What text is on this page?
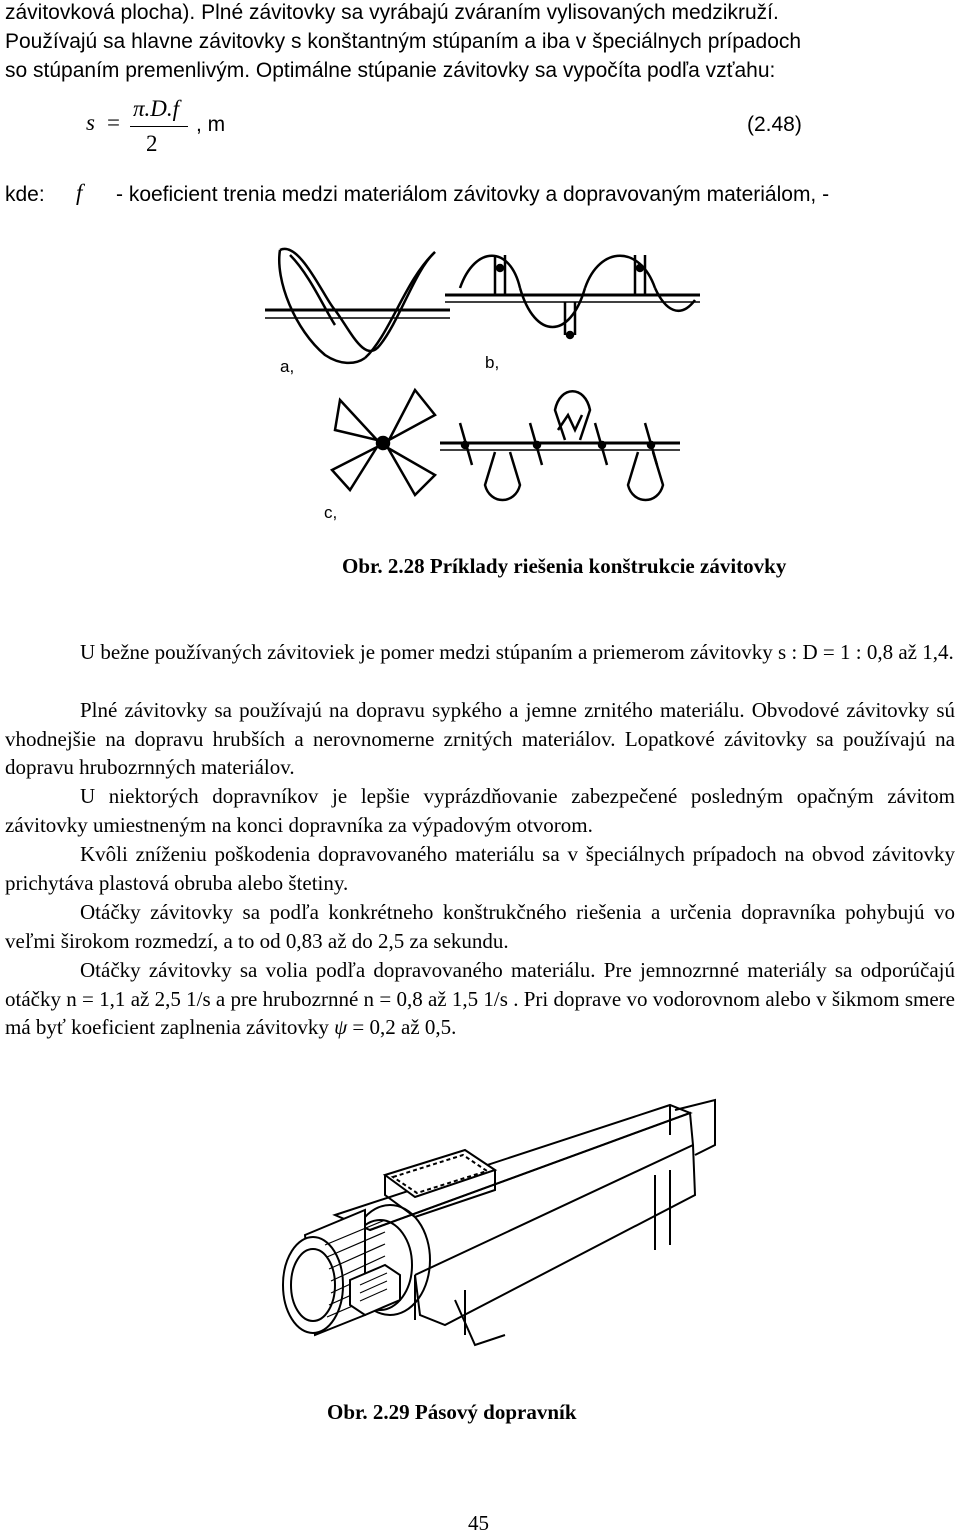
závitovková plocha). Plné závitovky sa vyrábajú zváraním vylisovaných medzikruží.
Používajú sa hlavne závitovky s konštantným stúpaním a iba v špeciálnych prípadoch
so stúpaním premenlivým. Optimálne stúpanie závitovky sa vypočíta podľa vzťahu:
s =
π.D.f
2
, m	(2.48)
kde: f - koeficient trenia medzi materiálom závitovky a dopravovaným materiálom, -
a,	b,
c,
Obr. 2.28 Príklady riešenia konštrukcie závitovky
U bežne používaných závitoviek je pomer medzi stúpaním a priemerom závitovky s : D = 1 : 0,8 až 1,4.
Plné závitovky sa používajú na dopravu sypkého a jemne zrnitého materiálu. Obvodové závitovky sú vhodnejšie na dopravu hrubších a nerovnomerne zrnitých materiálov. Lopatkové závitovky sa používajú na dopravu hrubozrnných materiálov.
U niektorých dopravníkov je lepšie vyprázdňovanie zabezpečené posledným opačným závitom závitovky umiestneným na konci dopravníka za výpadovým otvorom.
Kvôli zníženiu poškodenia dopravovaného materiálu sa v špeciálnych prípadoch na obvod závitovky prichytáva plastová obruba alebo štetiny.
Otáčky závitovky sa podľa konkrétneho konštrukčného riešenia a určenia dopravníka pohybujú vo veľmi širokom rozmedzí, a to od 0,83 až do 2,5 za sekundu.
Otáčky závitovky sa volia podľa dopravovaného materiálu. Pre jemnozrnné materiály sa odporúčajú otáčky n = 1,1 až 2,5 1/s a pre hrubozrnné n = 0,8 až 1,5 1/s . Pri doprave vo vodorovnom alebo v šikmom smere má byť koeficient zaplnenia závitovky ψ = 0,2 až 0,5.
Obr. 2.29 Pásový dopravník
45
